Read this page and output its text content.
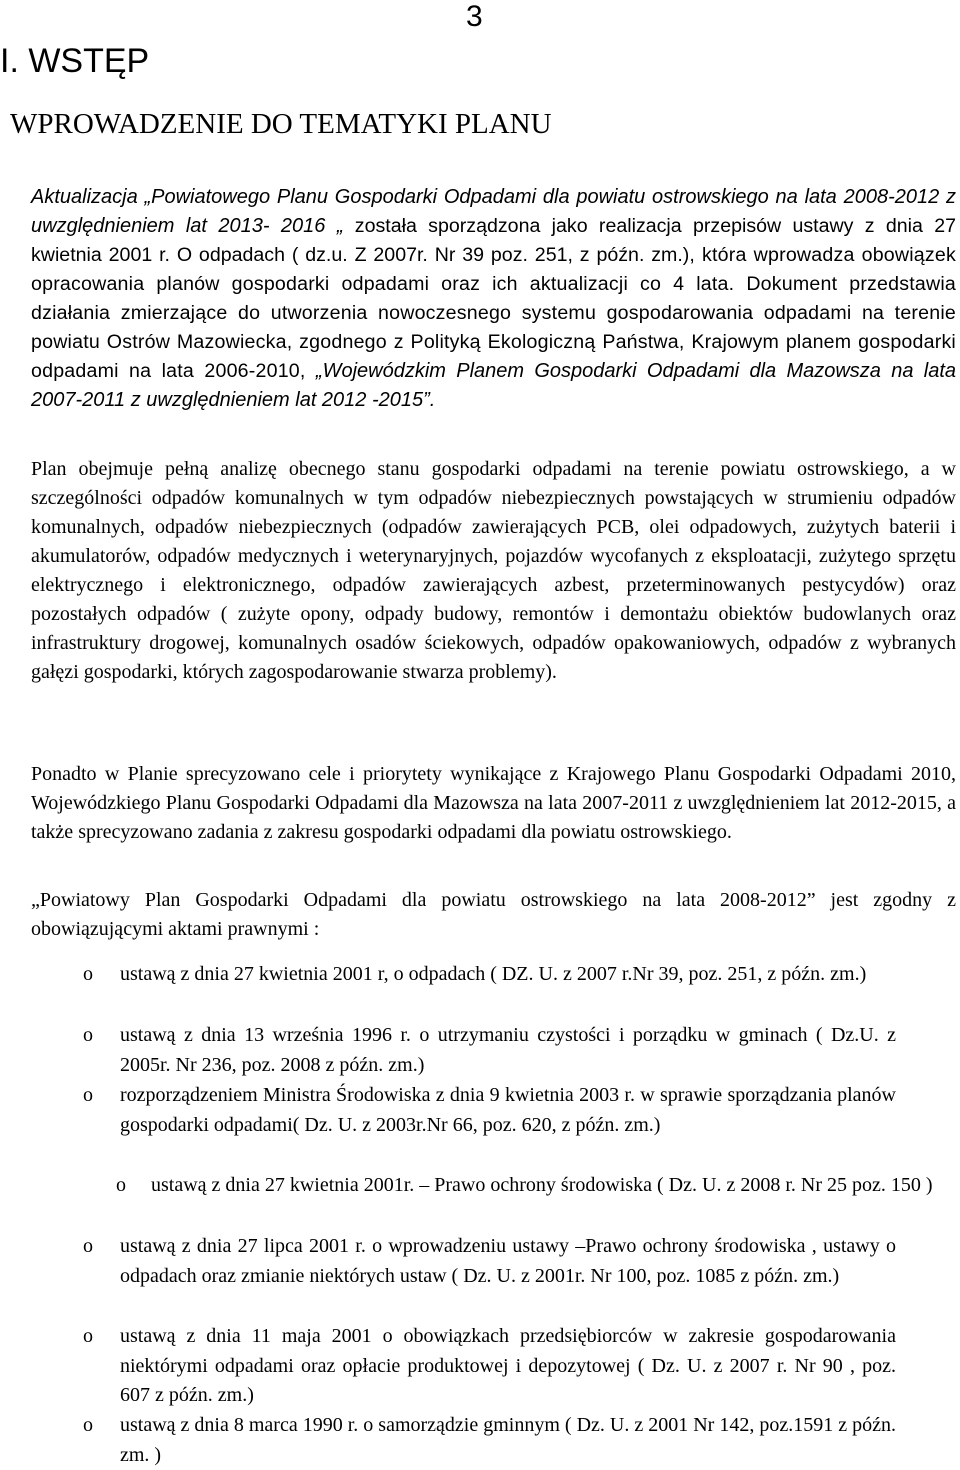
3
I. WSTĘP
WPROWADZENIE DO TEMATYKI PLANU

Aktualizacja „Powiatowego Planu Gospodarki Odpadami dla powiatu ostrowskiego na lata 2008-2012 z uwzględnieniem lat 2013- 2016 „ została sporządzona jako realizacja przepisów ustawy z dnia 27 kwietnia 2001 r. O odpadach ( dz.u. Z 2007r. Nr 39 poz. 251, z późn. zm.), która wprowadza obowiązek opracowania planów gospodarki odpadami oraz ich aktualizacji co 4 lata. Dokument przedstawia działania zmierzające do utworzenia nowoczesnego systemu gospodarowania odpadami na terenie powiatu Ostrów Mazowiecka, zgodnego z Polityką Ekologiczną Państwa, Krajowym planem gospodarki odpadami na lata 2006-2010, „Wojewódzkim Planem Gospodarki Odpadami dla Mazowsza na lata 2007-2011 z uwzględnieniem lat 2012 -2015”.

Plan obejmuje pełną analizę obecnego stanu gospodarki odpadami na terenie powiatu ostrowskiego, a w szczególności odpadów komunalnych w tym odpadów niebezpiecznych powstających w strumieniu odpadów komunalnych, odpadów niebezpiecznych (odpadów zawierających PCB, olei odpadowych, zużytych baterii i akumulatorów, odpadów medycznych i weterynaryjnych, pojazdów wycofanych z eksploatacji, zużytego sprzętu elektrycznego i elektronicznego, odpadów zawierających azbest, przeterminowanych pestycydów) oraz pozostałych odpadów ( zużyte opony, odpady budowy, remontów i demontażu obiektów budowlanych oraz infrastruktury drogowej, komunalnych osadów ściekowych, odpadów opakowaniowych, odpadów z wybranych gałęzi gospodarki, których zagospodarowanie stwarza problemy).

Ponadto w Planie sprecyzowano cele i priorytety wynikające z Krajowego Planu Gospodarki Odpadami 2010, Wojewódzkiego Planu Gospodarki Odpadami dla Mazowsza na lata 2007-2011 z uwzględnieniem lat 2012-2015, a także sprecyzowano zadania z zakresu gospodarki odpadami dla powiatu ostrowskiego.

„Powiatowy Plan Gospodarki Odpadami dla powiatu ostrowskiego na lata 2008-2012” jest zgodny z obowiązującymi aktami prawnymi :

o ustawą z dnia 27 kwietnia 2001 r, o odpadach ( DZ. U. z 2007 r.Nr 39, poz. 251, z późn. zm.)
o ustawą z dnia 13 września 1996 r. o utrzymaniu czystości i porządku w gminach ( Dz.U. z 2005r. Nr 236, poz. 2008 z późn. zm.)
o rozporządzeniem Ministra Środowiska z dnia 9 kwietnia 2003 r. w sprawie sporządzania planów gospodarki odpadami( Dz. U. z 2003r.Nr 66, poz. 620, z późn. zm.)
o ustawą z dnia 27 kwietnia 2001r. – Prawo ochrony środowiska ( Dz. U. z 2008 r. Nr 25 poz. 150 )
o ustawą z dnia 27 lipca 2001 r. o wprowadzeniu ustawy –Prawo ochrony środowiska , ustawy o odpadach oraz zmianie niektórych ustaw ( Dz. U. z 2001r. Nr 100, poz. 1085 z późn. zm.)
o ustawą z dnia 11 maja 2001 o obowiązkach przedsiębiorców w zakresie gospodarowania niektórymi odpadami oraz opłacie produktowej i depozytowej ( Dz. U. z 2007 r. Nr 90 , poz. 607 z późn. zm.)
o ustawą z dnia 8 marca 1990 r. o samorządzie gminnym ( Dz. U. z 2001 Nr 142, poz.1591 z późn. zm. )
